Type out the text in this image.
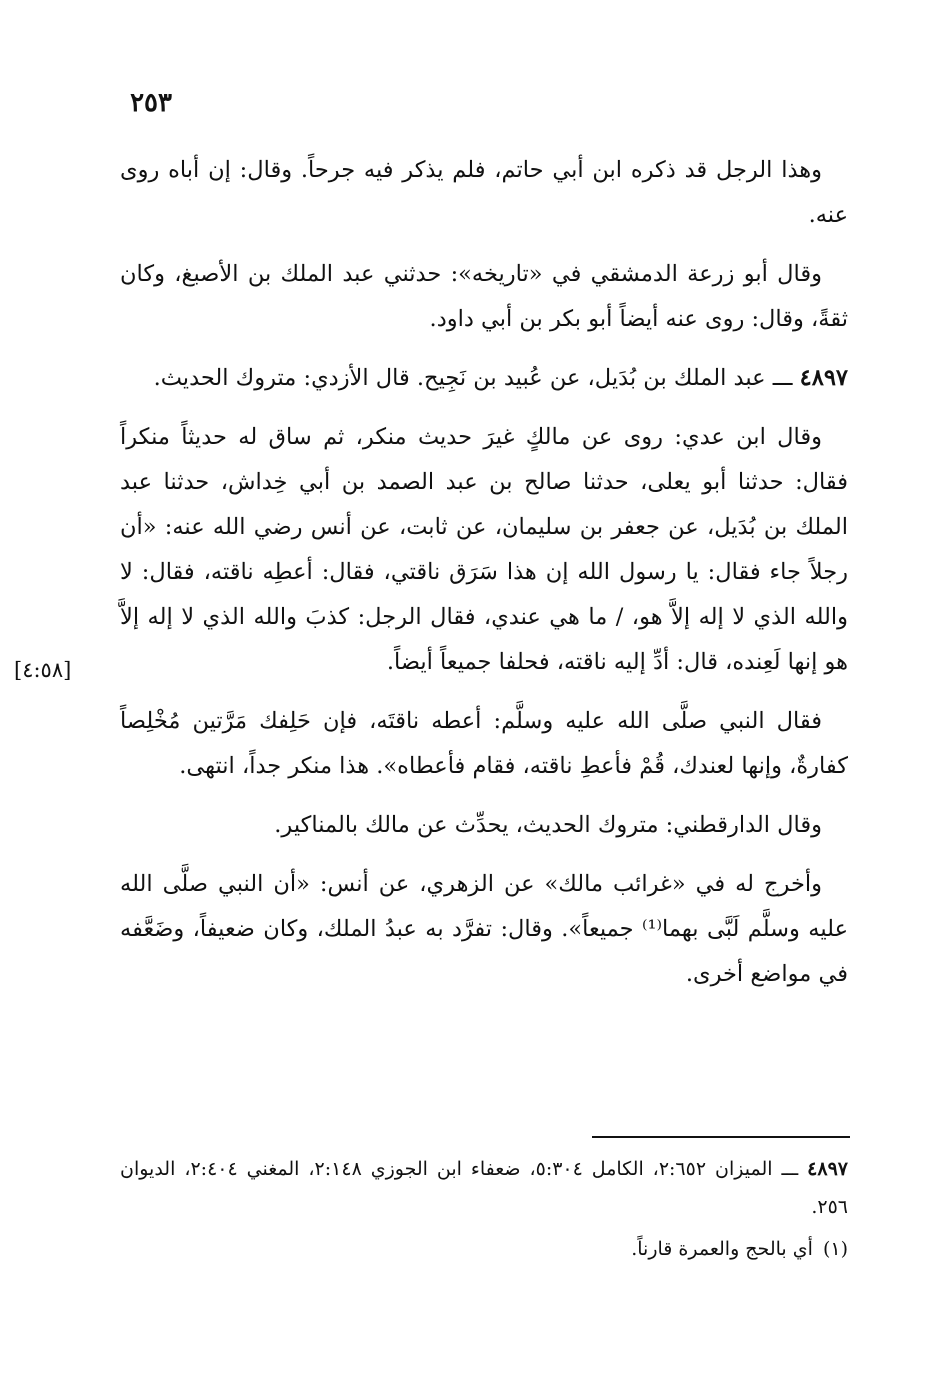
٢٥٣

وهذا الرجل قد ذكره ابن أبي حاتم، فلم يذكر فيه جرحاً. وقال: إن أباه روى عنه.

وقال أبو زرعة الدمشقي في «تاريخه»: حدثني عبد الملك بن الأصبغ، وكان ثقةً، وقال: روى عنه أيضاً أبو بكر بن أبي داود.

٤٨٩٧ ـــ عبد الملك بن بُدَيل، عن عُبيد بن نَجِيح. قال الأزدي: متروك الحديث.

وقال ابن عدي: روى عن مالكٍ غيرَ حديث منكر، ثم ساق له حديثاً منكراً فقال: حدثنا أبو يعلى، حدثنا صالح بن عبد الصمد بن أبي خِداش، حدثنا عبد الملك بن بُدَيل، عن جعفر بن سليمان، عن ثابت، عن أنس رضي الله عنه: «أن رجلاً جاء فقال: يا رسول الله إن هذا سَرَق ناقتي، فقال: أعطِه ناقته، فقال: لا والله الذي لا إله إلاَّ هو، / ما هي عندي، فقال الرجل: كذبَ والله الذي لا إله إلاَّ هو إنها لَعِنده، قال: أدِّ إليه ناقته، فحلفا جميعاً أيضاً.

فقال النبي صلَّى الله عليه وسلَّم: أعطه ناقتَه، فإن حَلِفك مَرَّتين مُخْلِصاً كفارةٌ، وإنها لعندك، قُمْ فأعطِ ناقته، فقام فأعطاه». هذا منكر جداً، انتهى.

وقال الدارقطني: متروك الحديث، يحدِّث عن مالك بالمناكير.

وأخرج له في «غرائب مالك» عن الزهري، عن أنس: «أن النبي صلَّى الله عليه وسلَّم لَبَّى بهما⁽¹⁾ جميعاً». وقال: تفرَّد به عبدُ الملك، وكان ضعيفاً، وضَعَّفه في مواضع أخرى.

[٤:٥٨]

٤٨٩٧ ـــ الميزان ٢:٦٥٢، الكامل ٥:٣٠٤، ضعفاء ابن الجوزي ٢:١٤٨، المغني ٢:٤٠٤، الديوان ٢٥٦.

(١) أي بالحج والعمرة قارناً.
